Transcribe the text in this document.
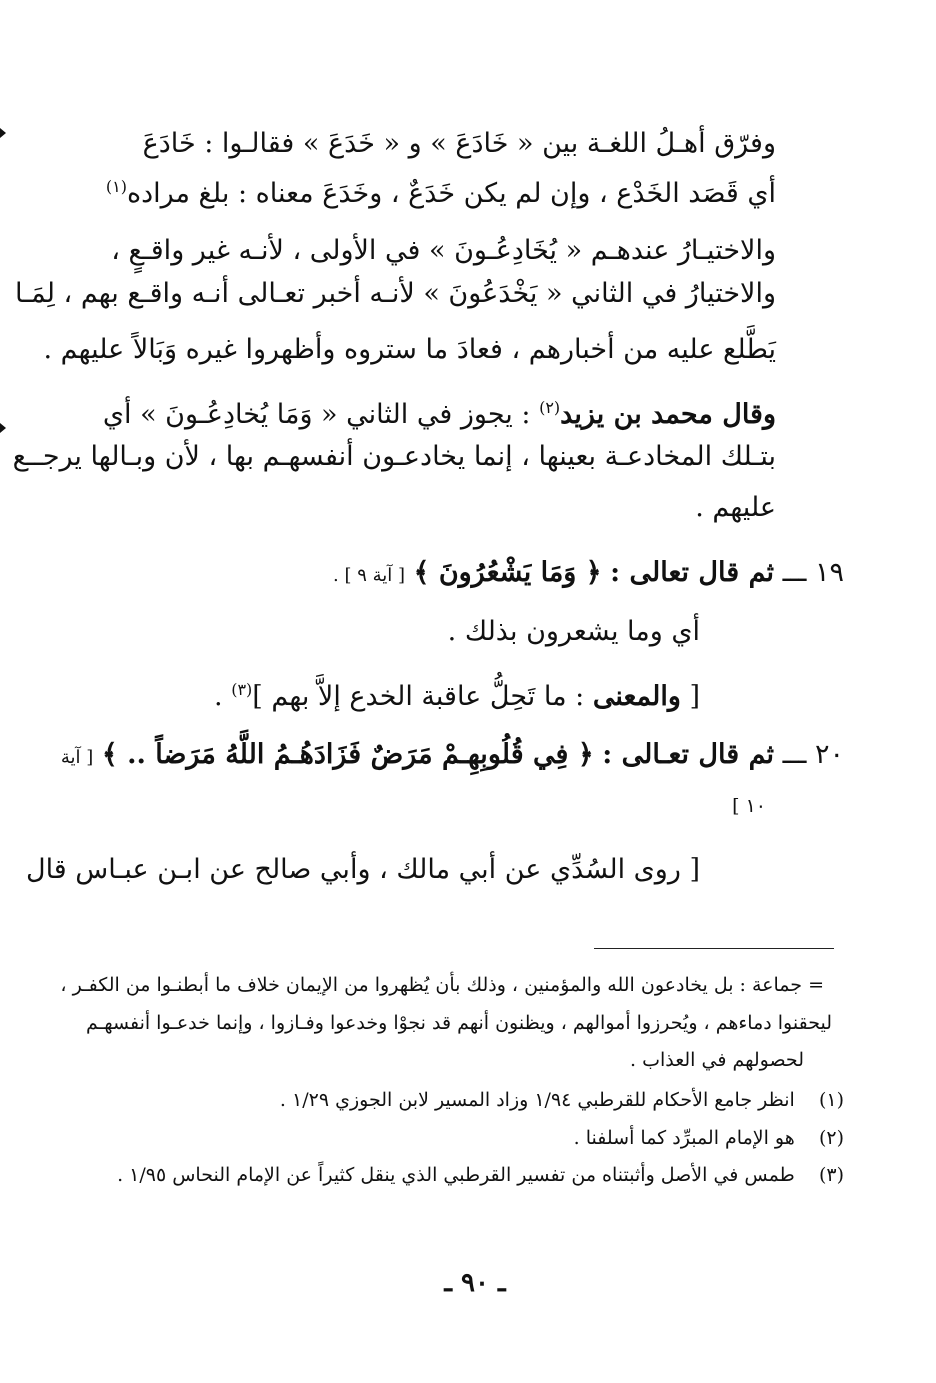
وفرّق أهـلُ اللغـة بين « خَادَعَ » و « خَدَعَ » فقالـوا : خَادَعَ
أي قَصَد الخَدْع ، وإن لم يكن خَدَعٌ ، وخَدَعَ معناه : بلغ مراده$^{(١)}$
والاختيـارُ عندهـم « يُخَادِعُـونَ » في الأولى ، لأنـه غير واقـعٍ ،
والاختيارُ في الثاني « يَخْدَعُونَ » لأنـه أخبر تعـالى أنـه واقـع بهم ، لِمَـا
يَطَّلع عليه من أخبارهم ، فعادَ ما ستروه وأظهروا غيره وَبَالاً عليهم .
وقال محمد بن يزيد$^{(٢)}$ : يجوز في الثاني « وَمَا يُخادِعُـونَ » أي
بتـلك المخادعـة بعينها ، إنما يخادعـون أنفسهـم بها ، لأن وبـالها يرجــع
عليهم .
١٩ ـــ ثم قال تعالى : ﴿ وَمَا يَشْعُرُونَ ﴾ [ آية ٩ ] .
أي وما يشعرون بذلك .
[ والمعنى : ما تَحِلُّ عاقبة الخدع إلاَّ بهم ]$^{(٣)}$ .
٢٠ ـــ ثم قال تعـالى : ﴿ فِي قُلُوبِهِـمْ مَرَضٌ فَزَادَهُـمُ اللَّهُ مَرَضاً .. ﴾ [ آية
١٠ ]
[ روى السُدِّي عن أبي مالك ، وأبي صالح عن ابـن عبـاس قال
= جماعة : بل يخادعون الله والمؤمنين ، وذلك بأن يُظهروا من الإيمان خلاف ما أبطنـوا من الكفـر ،
ليحقنوا دماءهم ، ويُحرزوا أموالهم ، ويظنون أنهم قد نجوْا وخدعوا وفـازوا ، وإنما خدعـوا أنفسهـم
لحصولهم في العذاب .
(١)    انظر جامع الأحكام للقرطبي ١/٩٤ وزاد المسير لابن الجوزي ١/٢٩ .
(٢)    هو الإمام المبرِّد كما أسلفنا .
(٣)    طمس في الأصل وأثبتناه من تفسير القرطبي الذي ينقل كثيراً عن الإمام النحاس ١/٩٥ .
ـ ٩٠ ـ
